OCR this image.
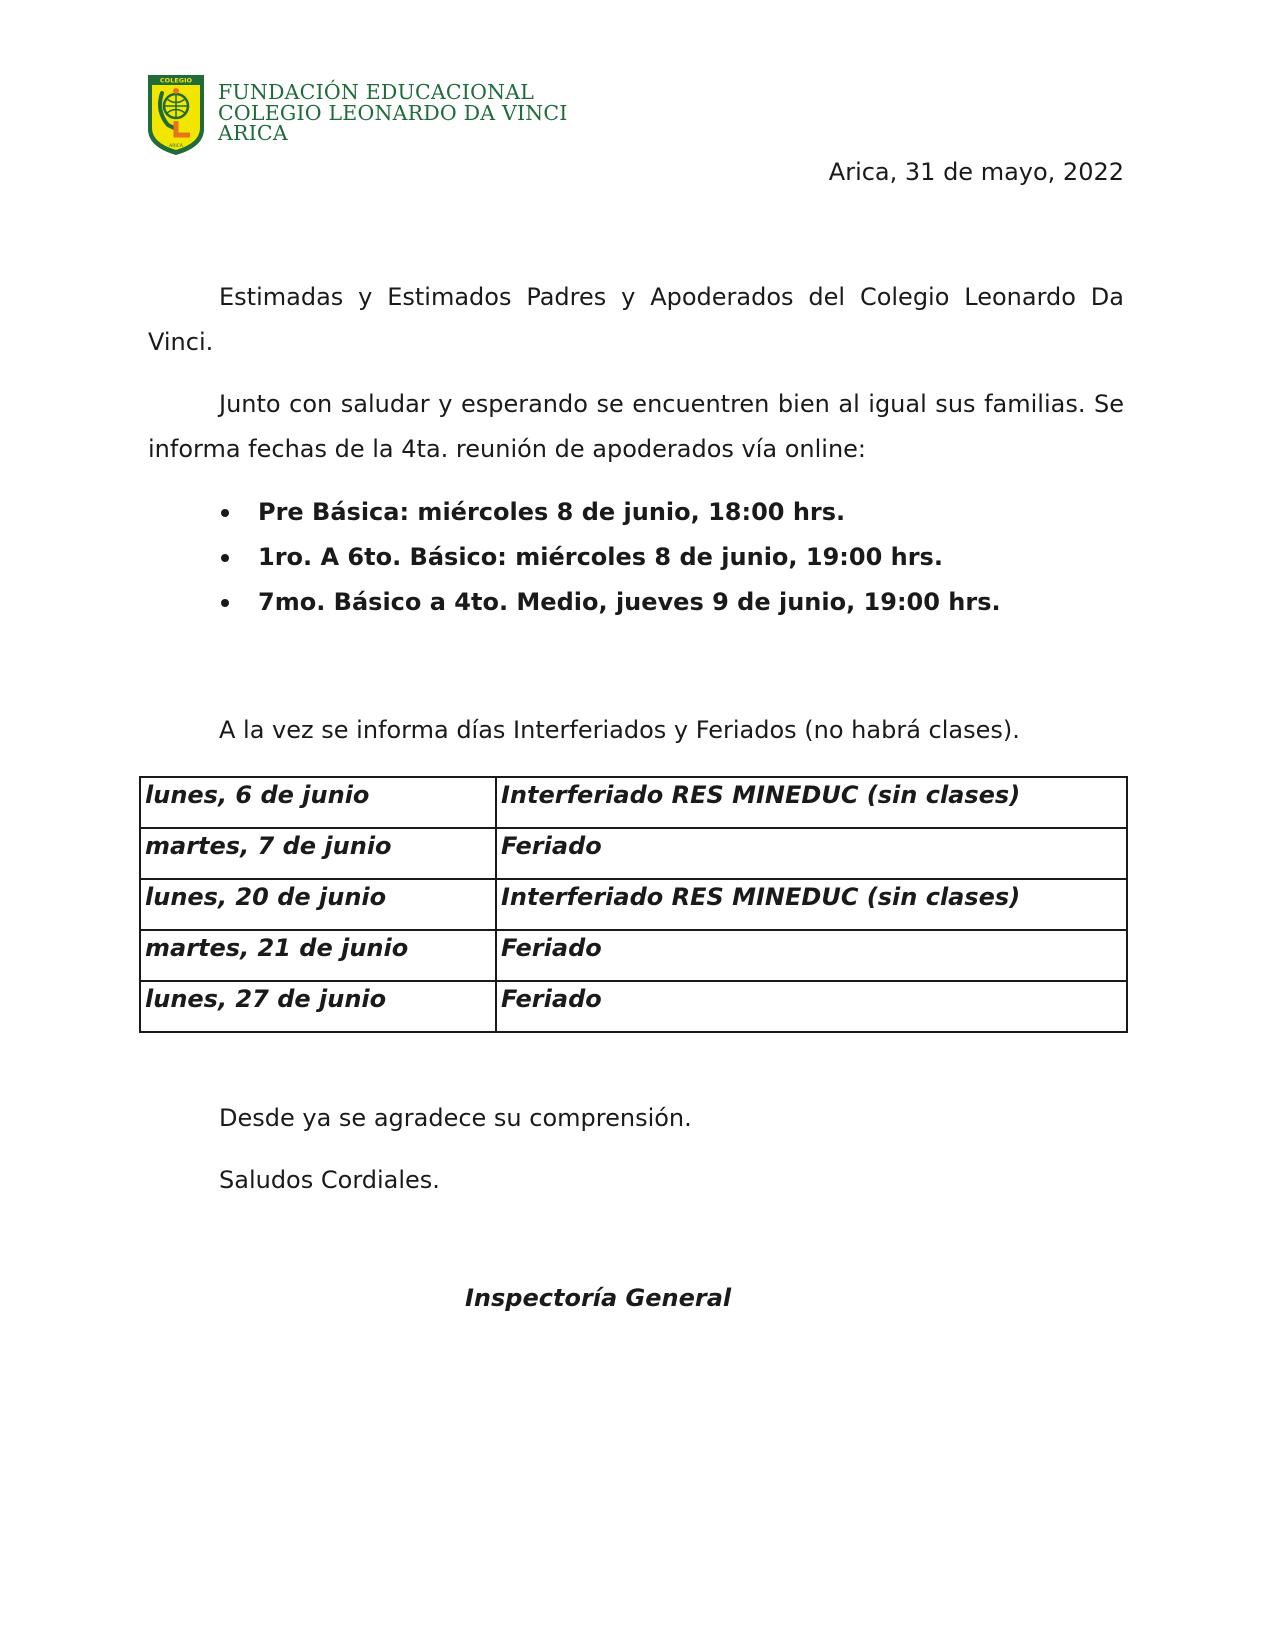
COLEGIO
ARICA
FUNDACIÓN EDUCACIONAL
COLEGIO LEONARDO DA VINCI
ARICA
Arica, 31 de mayo, 2022
Estimadas y Estimados Padres y Apoderados del Colegio Leonardo Da Vinci.
Junto con saludar y esperando se encuentren bien al igual sus familias. Se informa fechas de la 4ta. reunión de apoderados vía online:
Pre Básica: miércoles 8 de junio, 18:00 hrs.
1ro. A 6to. Básico: miércoles 8 de junio, 19:00 hrs.
7mo. Básico a 4to. Medio, jueves 9 de junio, 19:00 hrs.
A la vez se informa días Interferiados y Feriados (no habrá clases).
lunes, 6 de junio	Interferiado RES MINEDUC (sin clases)
martes, 7 de junio	Feriado
lunes, 20 de junio	Interferiado RES MINEDUC (sin clases)
martes, 21 de junio	Feriado
lunes, 27 de junio	Feriado
Desde ya se agradece su comprensión.
Saludos Cordiales.
Inspectoría General
